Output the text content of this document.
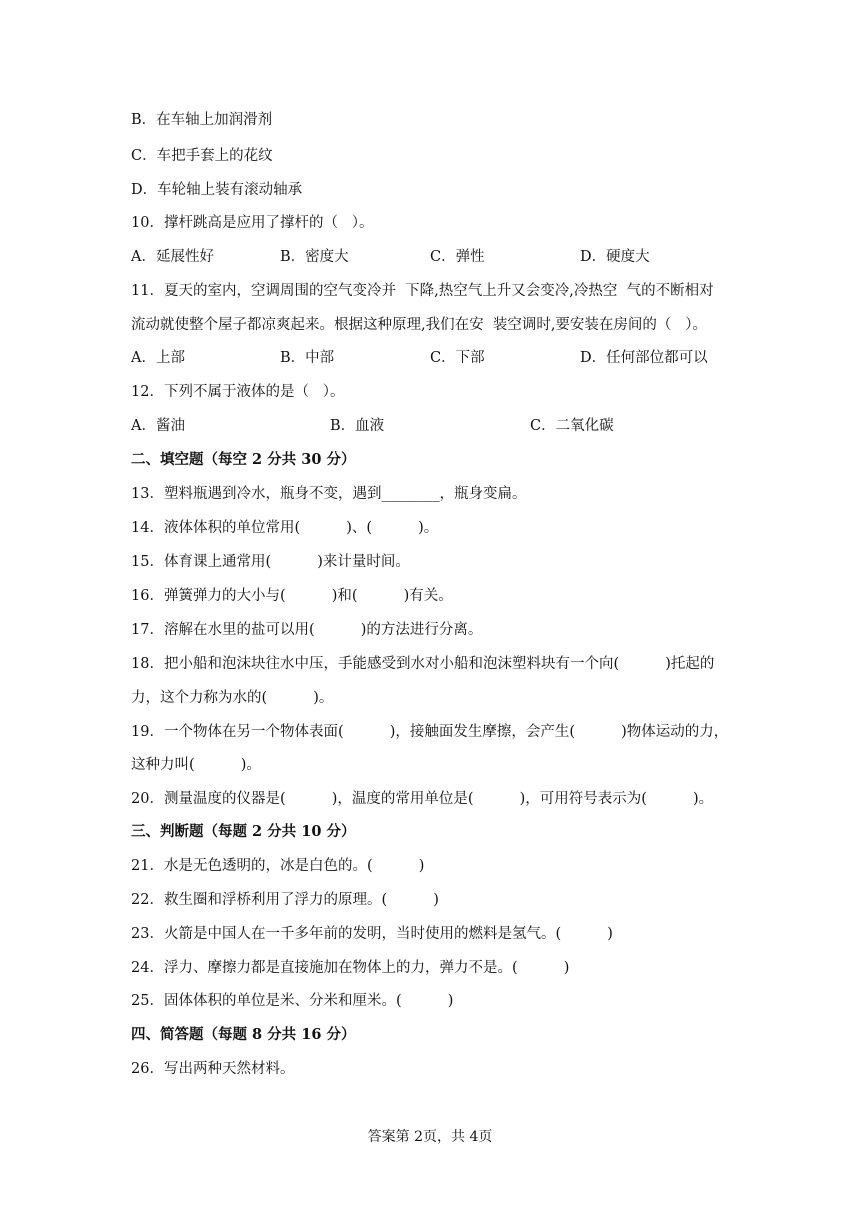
B．在车轴上加润滑剂
C．车把手套上的花纹
D．车轮轴上装有滚动轴承
10．撑杆跳高是应用了撑杆的（   ）。
A．延展性好	B．密度大	C．弹性	D．硬度大
11．夏天的室内，空调周围的空气变冷并  下降,热空气上升又会变冷,冷热空  气的不断相对
流动就使整个屋子都凉爽起来。根据这种原理,我们在安  装空调时,要安装在房间的（   ）。
A．上部	B．中部	C．下部	D．任何部位都可以
12．下列不属于液体的是（   ）。
A．酱油	B．血液	C．二氧化碳
二、填空题（每空 2 分共 30 分）
13．塑料瓶遇到冷水，瓶身不变，遇到________，瓶身变扁。
14．液体体积的单位常用(          )、(          )。
15．体育课上通常用(          )来计量时间。
16．弹簧弹力的大小与(          )和(          )有关。
17．溶解在水里的盐可以用(          )的方法进行分离。
18．把小船和泡沫块往水中压，手能感受到水对小船和泡沫塑料块有一个向(          )托起的
力，这个力称为水的(          )。
19．一个物体在另一个物体表面(          )，接触面发生摩擦，会产生(          )物体运动的力，
这种力叫(          )。
20．测量温度的仪器是(          )，温度的常用单位是(          )，可用符号表示为(          )。
三、判断题（每题 2 分共 10 分）
21．水是无色透明的，冰是白色的。(          )
22．救生圈和浮桥利用了浮力的原理。(          )
23．火箭是中国人在一千多年前的发明，当时使用的燃料是氢气。(          )
24．浮力、摩擦力都是直接施加在物体上的力，弹力不是。(          )
25．固体体积的单位是米、分米和厘米。(          )
四、简答题（每题 8 分共 16 分）
26．写出两种天然材料。
答案第 2页，共 4页
